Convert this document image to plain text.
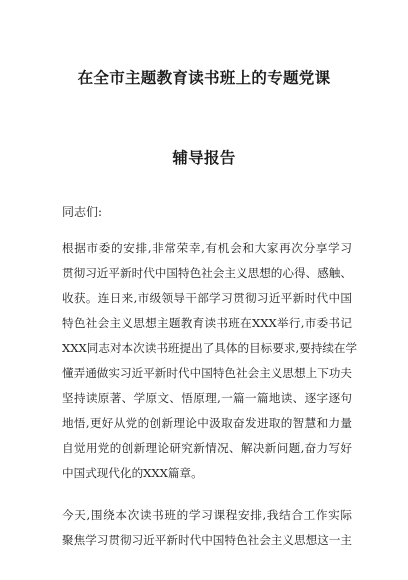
在全市主题教育读书班上的专题党课
辅导报告
同志们:
根据市委的安排,非常荣幸,有机会和大家再次分享学习
贯彻习近平新时代中国特色社会主义思想的心得、感触、
收获。连日来,市级领导干部学习贯彻习近平新时代中国
特色社会主义思想主题教育读书班在XXX举行,市委书记
XXX同志对本次读书班提出了具体的目标要求,要持续在学
懂弄通做实习近平新时代中国特色社会主义思想上下功夫
坚持读原著、学原文、悟原理,一篇一篇地读、逐字逐句
地悟,更好从党的创新理论中汲取奋发进取的智慧和力量
自觉用党的创新理论研究新情况、解决新问题,奋力写好
中国式现代化的XXX篇章。
今天,围绕本次读书班的学习课程安排,我结合工作实际
聚焦学习贯彻习近平新时代中国特色社会主义思想这一主
